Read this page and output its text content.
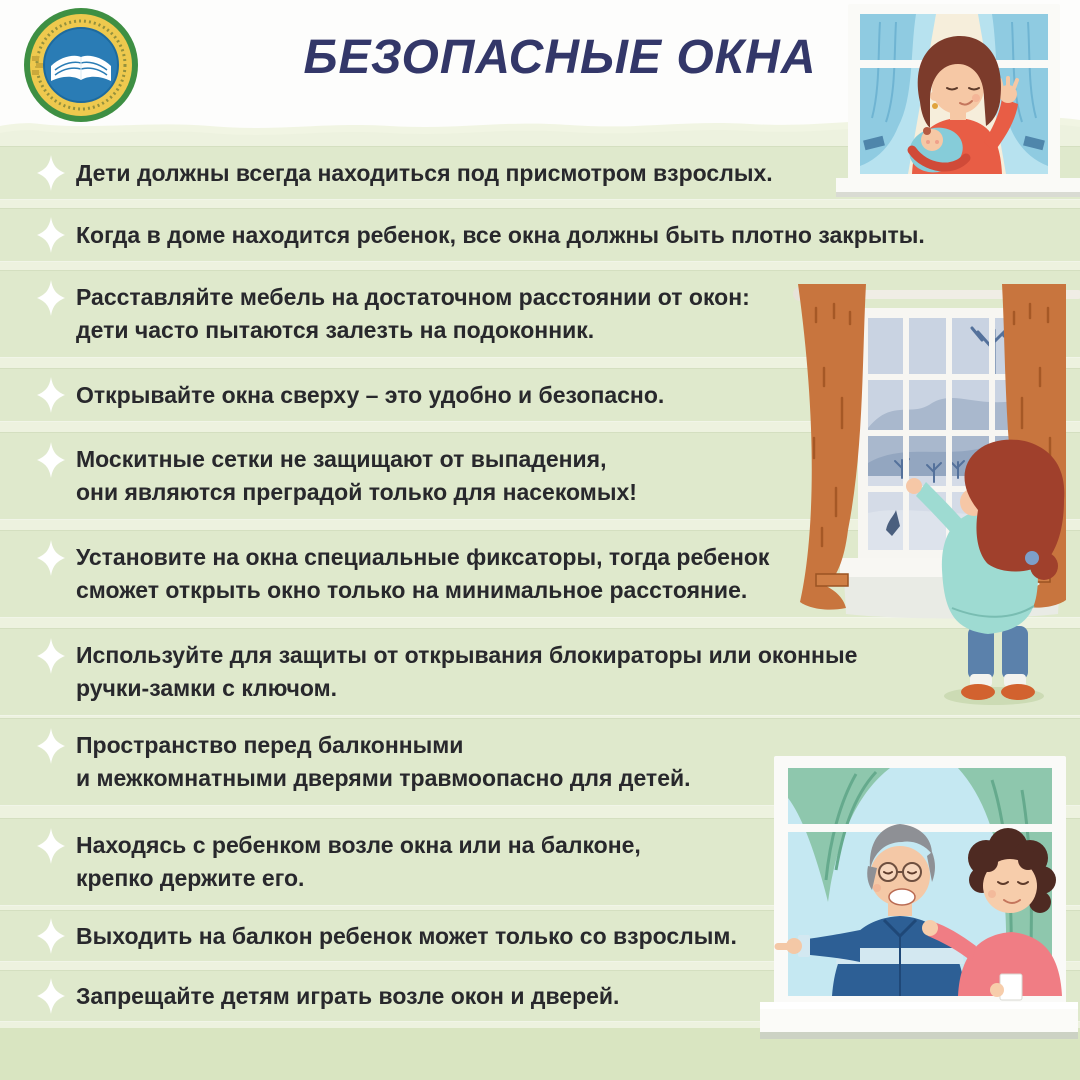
БЕЗОПАСНЫЕ ОКНА
Дети должны всегда находиться под присмотром взрослых.
Когда в доме находится ребенок, все окна должны быть плотно закрыты.
Расставляйте мебель на достаточном расстоянии от окон:
дети часто пытаются залезть на подоконник.
Открывайте окна сверху – это удобно и безопасно.
Москитные сетки не защищают от выпадения,
они являются преградой только для насекомых!
Установите на окна специальные фиксаторы, тогда ребенок
сможет открыть окно только на минимальное расстояние.
Используйте для защиты от открывания блокираторы или оконные
ручки-замки с ключом.
Пространство перед балконными
и межкомнатными дверями травмоопасно для детей.
Находясь с ребенком возле окна или на балконе,
крепко держите его.
Выходить на балкон ребенок может только со взрослым.
Запрещайте детям играть возле окон и дверей.
